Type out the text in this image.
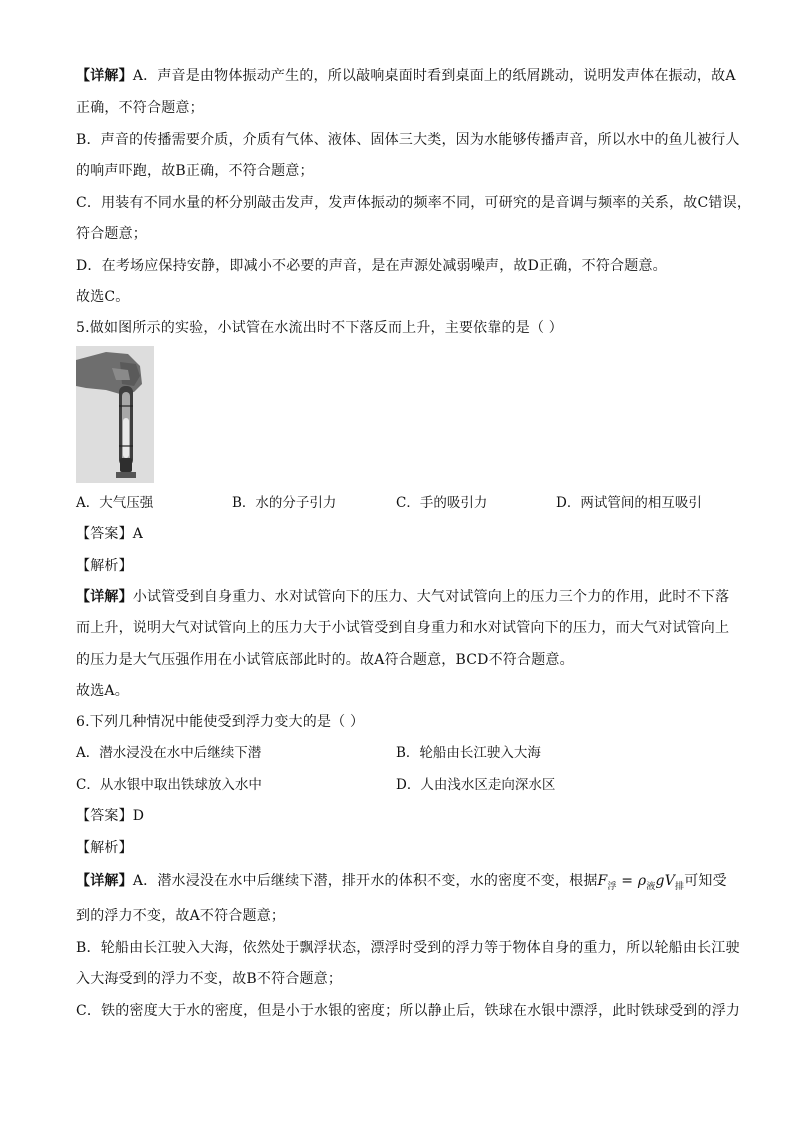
【详解】A．声音是由物体振动产生的，所以敲响桌面时看到桌面上的纸屑跳动，说明发声体在振动，故A
正确，不符合题意；
B．声音的传播需要介质，介质有气体、液体、固体三大类，因为水能够传播声音，所以水中的鱼儿被行人
的响声吓跑，故B正确，不符合题意；
C．用装有不同水量的杯分别敲击发声，发声体振动的频率不同，可研究的是音调与频率的关系，故C错误，
符合题意；
D．在考场应保持安静，即减小不必要的声音，是在声源处减弱噪声，故D正确，不符合题意。
故选C。
5.做如图所示的实验，小试管在水流出时不下落反而上升，主要依靠的是（ ）
A．大气压强	B．水的分子引力	C．手的吸引力	D．两试管间的相互吸引
【答案】A
【解析】
【详解】小试管受到自身重力、水对试管向下的压力、大气对试管向上的压力三个力的作用，此时不下落
而上升，说明大气对试管向上的压力大于小试管受到自身重力和水对试管向下的压力，而大气对试管向上
的压力是大气压强作用在小试管底部此时的。故A符合题意，BCD不符合题意。
故选A。
6.下列几种情况中能使受到浮力变大的是（ ）
A．潜水浸没在水中后继续下潜	B．轮船由长江驶入大海
C．从水银中取出铁球放入水中	D．人由浅水区走向深水区
【答案】D
【解析】
【详解】A．潜水浸没在水中后继续下潜，排开水的体积不变，水的密度不变，根据$F_浮 = \rho_液gV_排$可知受
到的浮力不变，故A不符合题意；
B．轮船由长江驶入大海，依然处于飘浮状态，漂浮时受到的浮力等于物体自身的重力，所以轮船由长江驶
入大海受到的浮力不变，故B不符合题意；
C．铁的密度大于水的密度，但是小于水银的密度；所以静止后，铁球在水银中漂浮，此时铁球受到的浮力
